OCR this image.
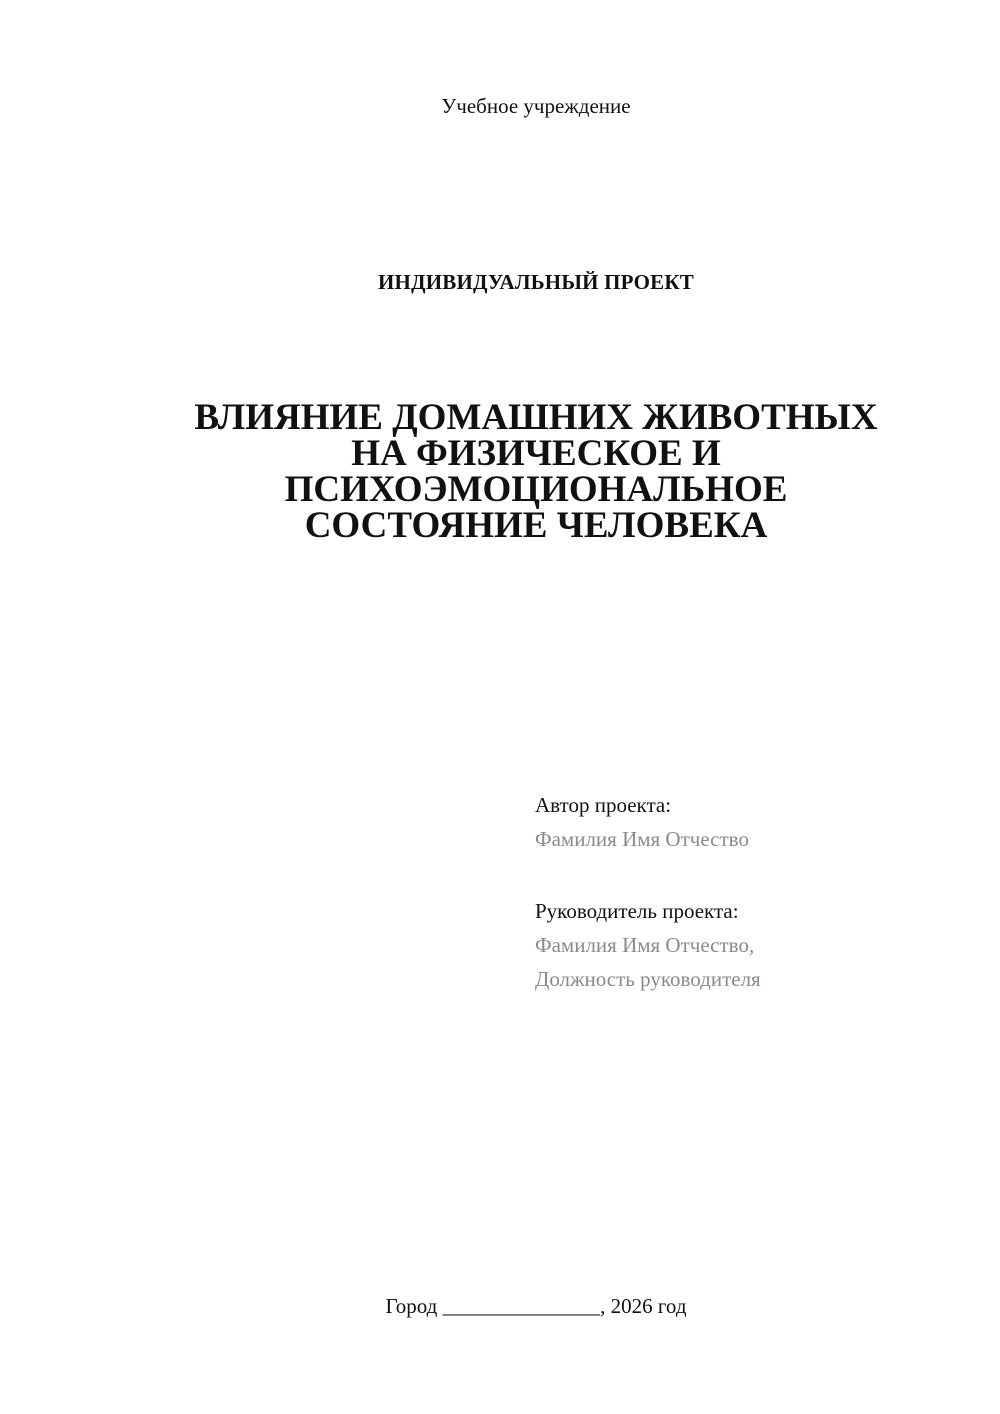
Учебное учреждение
ИНДИВИДУАЛЬНЫЙ ПРОЕКТ
ВЛИЯНИЕ ДОМАШНИХ ЖИВОТНЫХ
НА ФИЗИЧЕСКОЕ И
ПСИХОЭМОЦИОНАЛЬНОЕ
СОСТОЯНИЕ ЧЕЛОВЕКА
Автор проекта:
Фамилия Имя Отчество
Руководитель проекта:
Фамилия Имя Отчество,
Должность руководителя
Город _______________, 2026 год
